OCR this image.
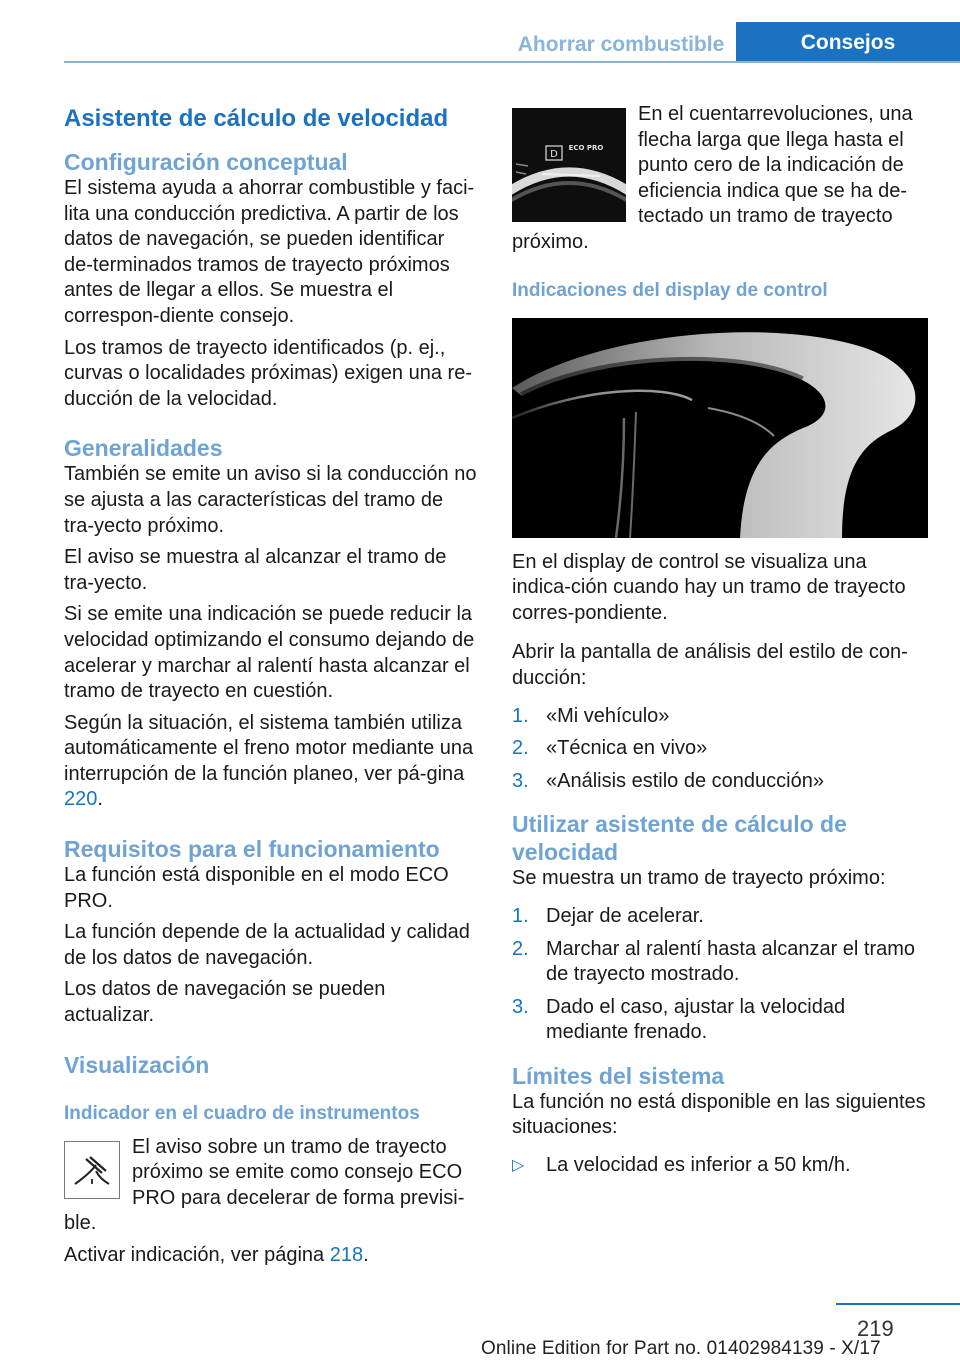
Ahorrar combustible	Consejos
Asistente de cálculo de velocidad
Configuración conceptual

El sistema ayuda a ahorrar combustible y faci-lita una conducción predictiva. A partir de los datos de navegación, se pueden identificar de-terminados tramos de trayecto próximos antes de llegar a ellos. Se muestra el correspon-diente consejo.

Los tramos de trayecto identificados (p. ej., curvas o localidades próximas) exigen una re-ducción de la velocidad.

Generalidades

También se emite un aviso si la conducción no se ajusta a las características del tramo de tra-yecto próximo.

El aviso se muestra al alcanzar el tramo de tra-yecto.

Si se emite una indicación se puede reducir la velocidad optimizando el consumo dejando de acelerar y marchar al ralentí hasta alcanzar el tramo de trayecto en cuestión.

Según la situación, el sistema también utiliza automáticamente el freno motor mediante una interrupción de la función planeo, ver pá-gina 220.

Requisitos para el funcionamiento

La función está disponible en el modo ECO PRO.

La función depende de la actualidad y calidad de los datos de navegación.

Los datos de navegación se pueden actualizar.

Visualización
Indicador en el cuadro de instrumentos

El aviso sobre un tramo de trayecto próximo se emite como consejo ECO PRO para decelerar de forma previsi-ble.

Activar indicación, ver página 218.

D
ECO PRO

En el cuentarrevoluciones, una flecha larga que llega hasta el punto cero de la indicación de eficiencia indica que se ha de-tectado un tramo de trayecto próximo.

Indicaciones del display de control

En el display de control se visualiza una indica-ción cuando hay un tramo de trayecto corres-pondiente.

Abrir la pantalla de análisis del estilo de con-ducción:

1. «Mi vehículo»
2. «Técnica en vivo»
3. «Análisis estilo de conducción»
Utilizar asistente de cálculo de velocidad

Se muestra un tramo de trayecto próximo:

1. Dejar de acelerar.
2. Marchar al ralentí hasta alcanzar el tramo de trayecto mostrado.
3. Dado el caso, ajustar la velocidad mediante frenado.
Límites del sistema

La función no está disponible en las siguientes situaciones:

▷ La velocidad es inferior a 50 km/h.
219
Online Edition for Part no. 01402984139 - X/17
